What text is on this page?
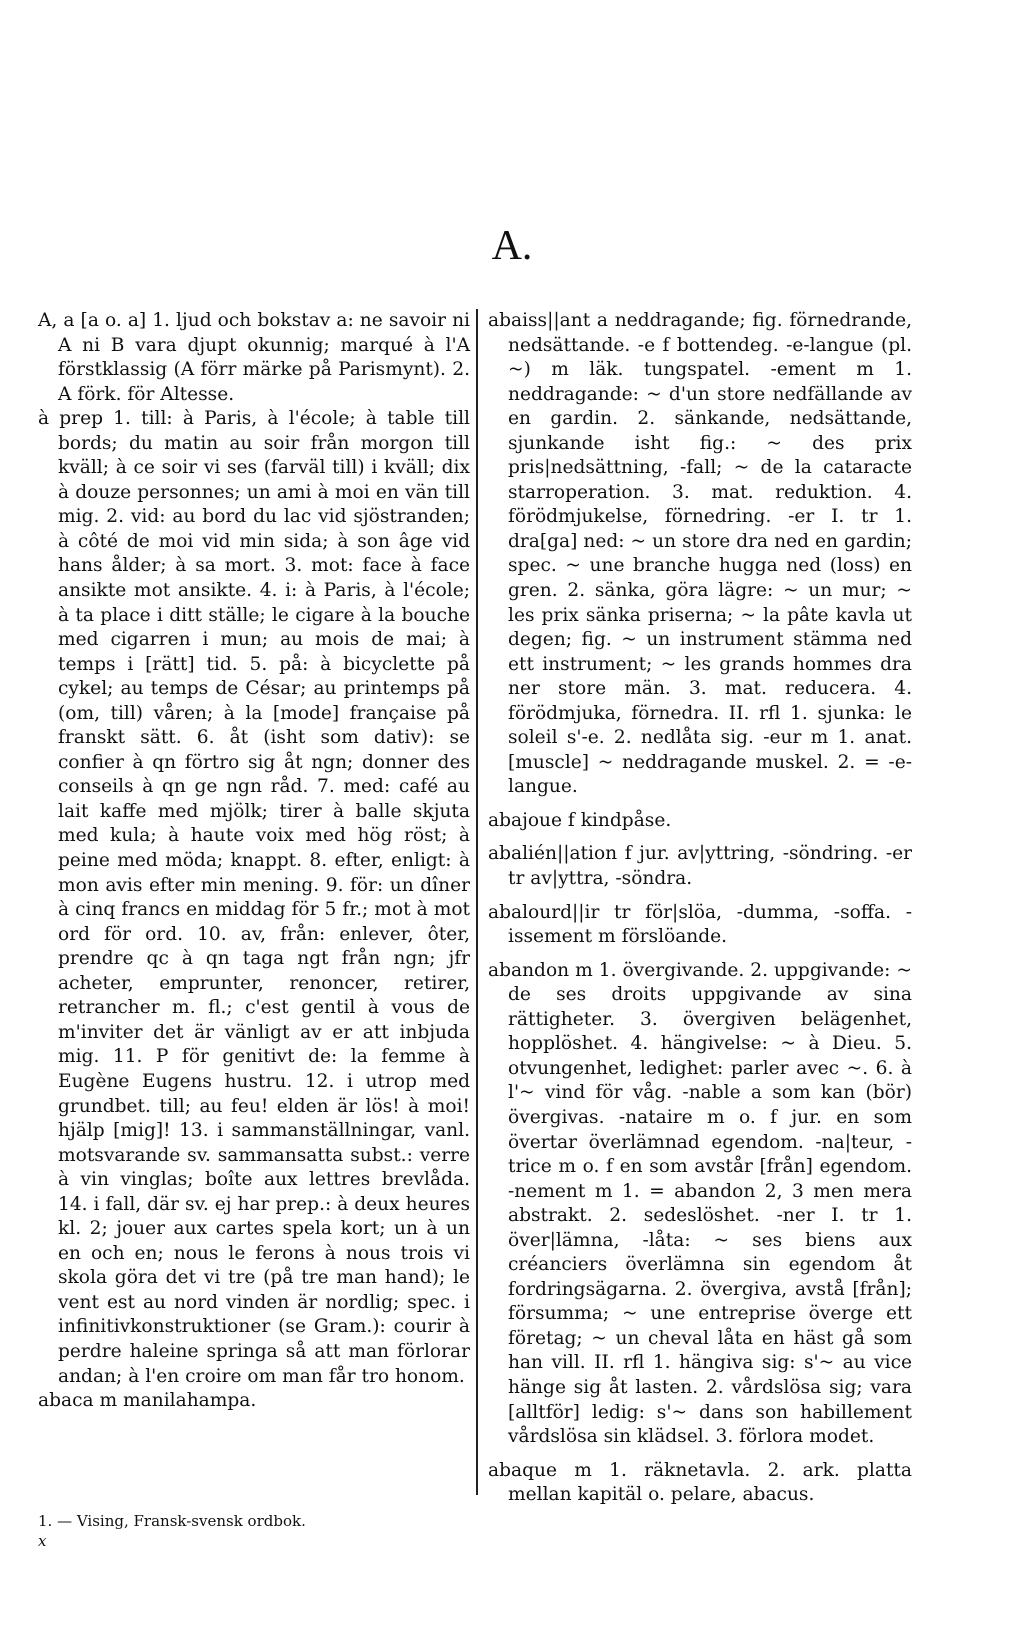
A.

A, a [a o. a] 1. ljud och bokstav a: ne savoir ni A ni B vara djupt okunnig; marqué à l'A förstklassig (A förr märke på Parismynt). 2. A förk. för Altesse.

à prep 1. till: à Paris, à l'école; à table till bords; du matin au soir från morgon till kväll; à ce soir vi ses (farväl till) i kväll; dix à douze personnes; un ami à moi en vän till mig. 2. vid: au bord du lac vid sjöstranden; à côté de moi vid min sida; à son âge vid hans ålder; à sa mort. 3. mot: face à face ansikte mot ansikte. 4. i: à Paris, à l'école; à ta place i ditt ställe; le cigare à la bouche med cigarren i mun; au mois de mai; à temps i [rätt] tid. 5. på: à bicyclette på cykel; au temps de César; au printemps på (om, till) våren; à la [mode] française på franskt sätt. 6. åt (isht som dativ): se confier à qn förtro sig åt ngn; donner des conseils à qn ge ngn råd. 7. med: café au lait kaffe med mjölk; tirer à balle skjuta med kula; à haute voix med hög röst; à peine med möda; knappt. 8. efter, enligt: à mon avis efter min mening. 9. för: un dîner à cinq francs en middag för 5 fr.; mot à mot ord för ord. 10. av, från: enlever, ôter, prendre qc à qn taga ngt från ngn; jfr acheter, emprunter, renoncer, retirer, retrancher m. fl.; c'est gentil à vous de m'inviter det är vänligt av er att inbjuda mig. 11. P för genitivt de: la femme à Eugène Eugens hustru. 12. i utrop med grundbet. till; au feu! elden är lös! à moi! hjälp [mig]! 13. i sammanställningar, vanl. motsvarande sv. sammansatta subst.: verre à vin vinglas; boîte aux lettres brevlåda. 14. i fall, där sv. ej har prep.: à deux heures kl. 2; jouer aux cartes spela kort; un à un en och en; nous le ferons à nous trois vi skola göra det vi tre (på tre man hand); le vent est au nord vinden är nordlig; spec. i infinitivkonstruktioner (se Gram.): courir à perdre haleine springa så att man förlorar andan; à l'en croire om man får tro honom.

abaca m manilahampa.

abaiss||ant a neddragande; fig. förnedrande, nedsättande. -e f bottendeg. -e-langue (pl. ~) m läk. tungspatel. -ement m 1. neddragande: ~ d'un store nedfällande av en gardin. 2. sänkande, nedsättande, sjunkande isht fig.: ~ des prix pris|nedsättning, -fall; ~ de la cataracte starroperation. 3. mat. reduktion. 4. förödmjukelse, förnedring. -er I. tr 1. dra[ga] ned: ~ un store dra ned en gardin; spec. ~ une branche hugga ned (loss) en gren. 2. sänka, göra lägre: ~ un mur; ~ les prix sänka priserna; ~ la pâte kavla ut degen; fig. ~ un instrument stämma ned ett instrument; ~ les grands hommes dra ner store män. 3. mat. reducera. 4. förödmjuka, förnedra. II. rfl 1. sjunka: le soleil s'-e. 2. nedlåta sig. -eur m 1. anat. [muscle] ~ neddragande muskel. 2. = -e-langue.

abajoue f kindpåse.

abalién||ation f jur. av|yttring, -söndring. -er tr av|yttra, -söndra.

abalourd||ir tr för|slöa, -dumma, -soffa. -issement m förslöande.

abandon m 1. övergivande. 2. uppgivande: ~ de ses droits uppgivande av sina rättigheter. 3. övergiven belägenhet, hopplöshet. 4. hängivelse: ~ à Dieu. 5. otvungenhet, ledighet: parler avec ~. 6. à l'~ vind för våg. -nable a som kan (bör) övergivas. -nataire m o. f jur. en som övertar överlämnad egendom. -na|teur, -trice m o. f en som avstår [från] egendom. -nement m 1. = abandon 2, 3 men mera abstrakt. 2. sedeslöshet. -ner I. tr 1. över|lämna, -låta: ~ ses biens aux créanciers överlämna sin egendom åt fordringsägarna. 2. övergiva, avstå [från]; försumma; ~ une entreprise överge ett företag; ~ un cheval låta en häst gå som han vill. II. rfl 1. hängiva sig: s'~ au vice hänge sig åt lasten. 2. vårdslösa sig; vara [alltför] ledig: s'~ dans son habillement vårdslösa sin klädsel. 3. förlora modet.

abaque m 1. räknetavla. 2. ark. platta mellan kapitäl o. pelare, abacus.

1. — Vising, Fransk-svensk ordbok.
x
